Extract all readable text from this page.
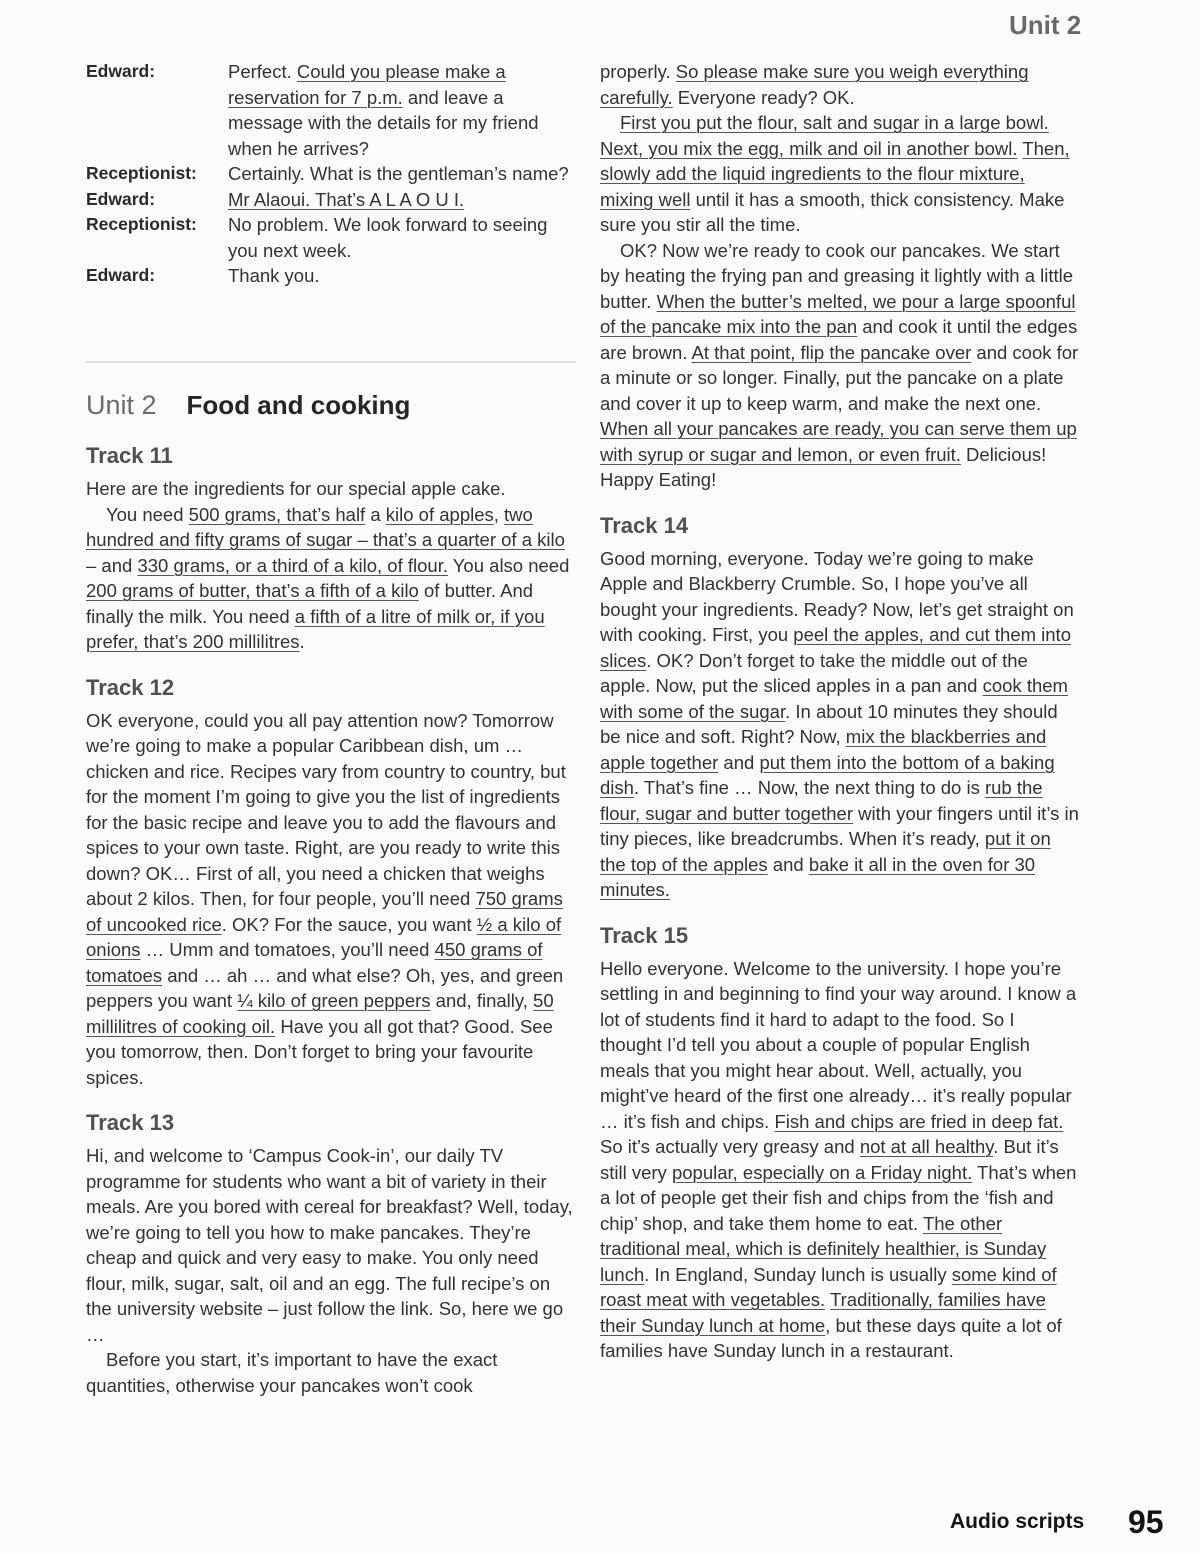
Unit 2
Edward:	Perfect. Could you please make a reservation for 7 p.m. and leave a message with the details for my friend when he arrives?
Receptionist:	Certainly. What is the gentleman’s name?
Edward:	Mr Alaoui. That’s A L A O U I.
Receptionist:	No problem. We look forward to seeing you next week.
Edward:	Thank you.
Unit 2 Food and cooking
Track 11

Here are the ingredients for our special apple cake.

You need 500 grams, that’s half a kilo of apples, two hundred and fifty grams of sugar – that’s a quarter of a kilo – and 330 grams, or a third of a kilo, of flour. You also need 200 grams of butter, that’s a fifth of a kilo of butter. And finally the milk. You need a fifth of a litre of milk or, if you prefer, that’s 200 millilitres.

Track 12

OK everyone, could you all pay attention now? Tomorrow we’re going to make a popular Caribbean dish, um … chicken and rice. Recipes vary from country to country, but for the moment I’m going to give you the list of ingredients for the basic recipe and leave you to add the flavours and spices to your own taste. Right, are you ready to write this down? OK… First of all, you need a chicken that weighs about 2 kilos. Then, for four people, you’ll need 750 grams of uncooked rice. OK? For the sauce, you want ½ a kilo of onions … Umm and tomatoes, you’ll need 450 grams of tomatoes and … ah … and what else? Oh, yes, and green peppers you want ¼ kilo of green peppers and, finally, 50 millilitres of cooking oil. Have you all got that? Good. See you tomorrow, then. Don’t forget to bring your favourite spices.

Track 13

Hi, and welcome to ‘Campus Cook-in’, our daily TV programme for students who want a bit of variety in their meals. Are you bored with cereal for breakfast? Well, today, we’re going to tell you how to make pancakes. They’re cheap and quick and very easy to make. You only need flour, milk, sugar, salt, oil and an egg. The full recipe’s on the university website – just follow the link. So, here we go …

Before you start, it’s important to have the exact quantities, otherwise your pancakes won’t cook

properly. So please make sure you weigh everything carefully. Everyone ready? OK.

First you put the flour, salt and sugar in a large bowl. Next, you mix the egg, milk and oil in another bowl. Then, slowly add the liquid ingredients to the flour mixture, mixing well until it has a smooth, thick consistency. Make sure you stir all the time.

OK? Now we’re ready to cook our pancakes. We start by heating the frying pan and greasing it lightly with a little butter. When the butter’s melted, we pour a large spoonful of the pancake mix into the pan and cook it until the edges are brown. At that point, flip the pancake over and cook for a minute or so longer. Finally, put the pancake on a plate and cover it up to keep warm, and make the next one. When all your pancakes are ready, you can serve them up with syrup or sugar and lemon, or even fruit. Delicious! Happy Eating!

Track 14

Good morning, everyone. Today we’re going to make Apple and Blackberry Crumble. So, I hope you’ve all bought your ingredients. Ready? Now, let’s get straight on with cooking. First, you peel the apples, and cut them into slices. OK? Don’t forget to take the middle out of the apple. Now, put the sliced apples in a pan and cook them with some of the sugar. In about 10 minutes they should be nice and soft. Right? Now, mix the blackberries and apple together and put them into the bottom of a baking dish. That’s fine … Now, the next thing to do is rub the flour, sugar and butter together with your fingers until it’s in tiny pieces, like breadcrumbs. When it’s ready, put it on the top of the apples and bake it all in the oven for 30 minutes.

Track 15

Hello everyone. Welcome to the university. I hope you’re settling in and beginning to find your way around. I know a lot of students find it hard to adapt to the food. So I thought I’d tell you about a couple of popular English meals that you might hear about. Well, actually, you might’ve heard of the first one already… it’s really popular … it’s fish and chips. Fish and chips are fried in deep fat. So it’s actually very greasy and not at all healthy. But it’s still very popular, especially on a Friday night. That’s when a lot of people get their fish and chips from the ‘fish and chip’ shop, and take them home to eat. The other traditional meal, which is definitely healthier, is Sunday lunch. In England, Sunday lunch is usually some kind of roast meat with vegetables. Traditionally, families have their Sunday lunch at home, but these days quite a lot of families have Sunday lunch in a restaurant.

Audio scripts 95
